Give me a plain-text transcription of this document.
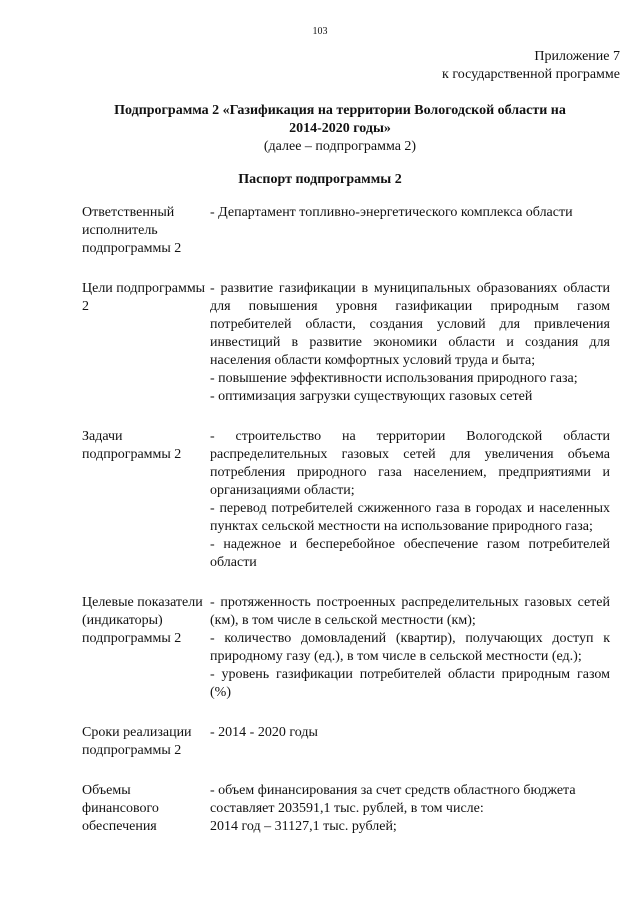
103
Приложение 7
к государственной программе
Подпрограмма 2 «Газификация на территории Вологодской области на
2014-2020 годы»
(далее – подпрограмма 2)
Паспорт подпрограммы 2
Ответственный исполнитель подпрограммы 2

- Департамент топливно-энергетического комплекса области

Цели подпрограммы 2

- развитие газификации в муниципальных образованиях области для повышения уровня газификации природным газом потребителей области, создания условий для привлечения инвестиций в развитие экономики области и создания для населения области комфортных условий труда и быта;

- повышение эффективности использования природного газа;

- оптимизация загрузки существующих газовых сетей

Задачи подпрограммы 2

- строительство на территории Вологодской области распределительных газовых сетей для увеличения объема потребления природного газа населением, предприятиями и организациями области;

- перевод потребителей сжиженного газа в городах и населенных пунктах сельской местности на использование природного газа;

- надежное и бесперебойное обеспечение газом потребителей области

Целевые показатели (индикаторы) подпрограммы 2

- протяженность построенных распределительных газовых сетей (км), в том числе в сельской местности (км);

- количество домовладений (квартир), получающих доступ к природному газу (ед.), в том числе в сельской местности (ед.);

- уровень газификации потребителей области природным газом (%)

Сроки реализации подпрограммы 2

- 2014 - 2020 годы

Объемы финансового обеспечения

- объем финансирования за счет средств областного бюджета составляет 203591,1 тыс. рублей, в том числе:

2014 год – 31127,1 тыс. рублей;
